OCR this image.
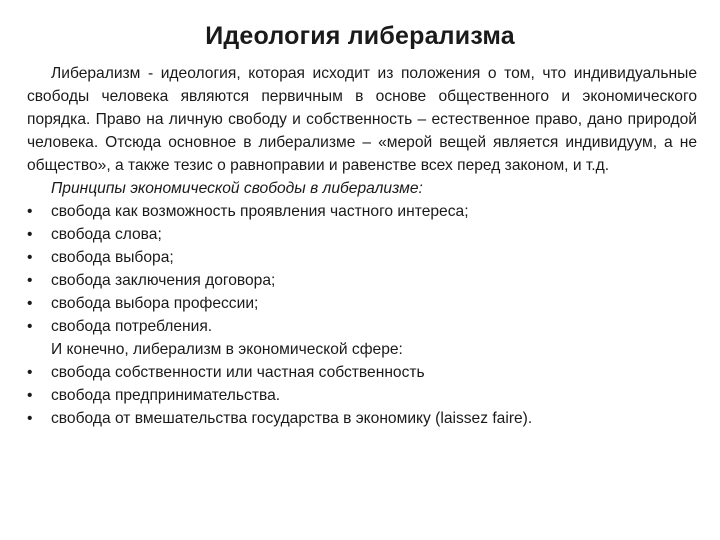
Идеология либерализма

Либерализм - идеология, которая исходит из положения о том, что индивидуальные свободы человека являются первичным в основе общественного и экономического порядка. Право на личную свободу и собственность – естественное право, дано природой человека. Отсюда основное в либерализме – «мерой вещей является индивидуум, а не общество», а также тезис о равноправии и равенстве всех перед законом, и т.д.

Принципы экономической свободы в либерализме:

•	свобода как возможность проявления частного интереса;
•	свобода слова;
•	свобода выбора;
•	свобода заключения договора;
•	свобода выбора профессии;
•	свобода потребления.

И конечно, либерализм в экономической сфере:

•	свобода собственности или частная собственность
•	свобода предпринимательства.
•	свобода от вмешательства государства в экономику (laissez faire).
